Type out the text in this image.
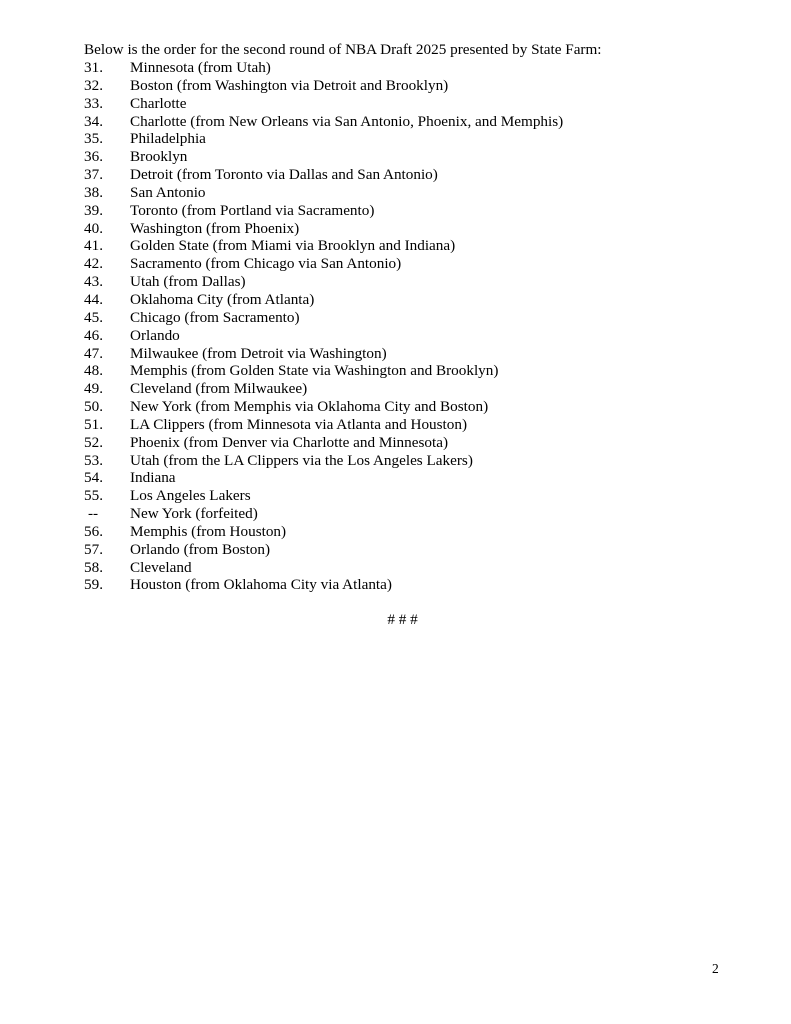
Below is the order for the second round of NBA Draft 2025 presented by State Farm:
31. Minnesota (from Utah)
32. Boston (from Washington via Detroit and Brooklyn)
33. Charlotte
34. Charlotte (from New Orleans via San Antonio, Phoenix, and Memphis)
35. Philadelphia
36. Brooklyn
37. Detroit (from Toronto via Dallas and San Antonio)
38. San Antonio
39. Toronto (from Portland via Sacramento)
40. Washington (from Phoenix)
41. Golden State (from Miami via Brooklyn and Indiana)
42. Sacramento (from Chicago via San Antonio)
43. Utah (from Dallas)
44. Oklahoma City (from Atlanta)
45. Chicago (from Sacramento)
46. Orlando
47. Milwaukee (from Detroit via Washington)
48. Memphis (from Golden State via Washington and Brooklyn)
49. Cleveland (from Milwaukee)
50. New York (from Memphis via Oklahoma City and Boston)
51. LA Clippers (from Minnesota via Atlanta and Houston)
52. Phoenix (from Denver via Charlotte and Minnesota)
53. Utah (from the LA Clippers via the Los Angeles Lakers)
54. Indiana
55. Los Angeles Lakers
-- New York (forfeited)
56. Memphis (from Houston)
57. Orlando (from Boston)
58. Cleveland
59. Houston (from Oklahoma City via Atlanta)
# # #
2
